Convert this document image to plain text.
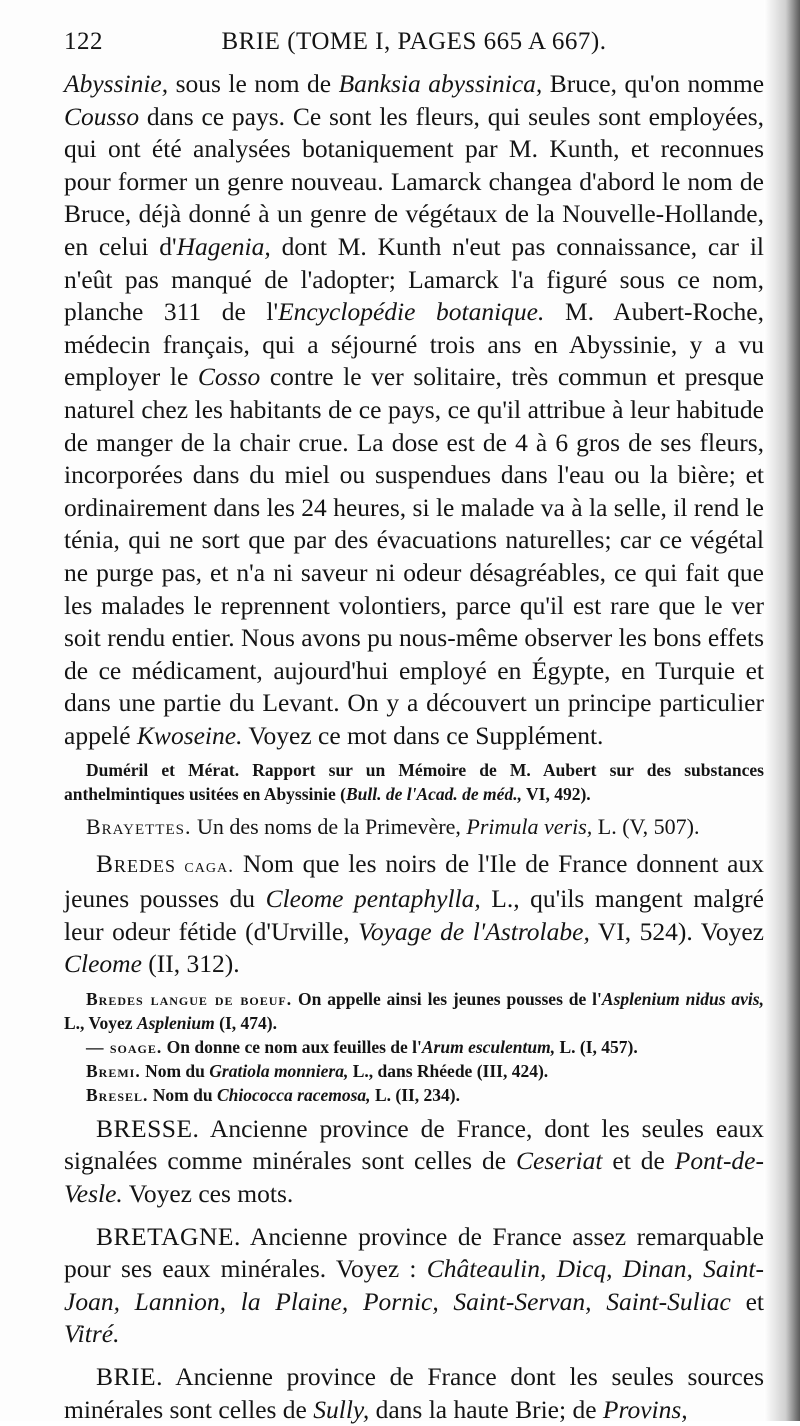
122	BRIE (TOME I, PAGES 665 A 667).

Abyssinie, sous le nom de Banksia abyssinica, Bruce, qu'on nomme Cousso dans ce pays. Ce sont les fleurs, qui seules sont employées, qui ont été analysées botaniquement par M. Kunth, et reconnues pour former un genre nouveau. Lamarck changea d'abord le nom de Bruce, déjà donné à un genre de végétaux de la Nouvelle-Hollande, en celui d'Hagenia, dont M. Kunth n'eut pas connaissance, car il n'eût pas manqué de l'adopter; Lamarck l'a figuré sous ce nom, planche 311 de l'Encyclopédie botanique. M. Aubert-Roche, médecin français, qui a séjourné trois ans en Abyssinie, y a vu employer le Cosso contre le ver solitaire, très commun et presque naturel chez les habitants de ce pays, ce qu'il attribue à leur habitude de manger de la chair crue. La dose est de 4 à 6 gros de ses fleurs, incorporées dans du miel ou suspendues dans l'eau ou la bière; et ordinairement dans les 24 heures, si le malade va à la selle, il rend le ténia, qui ne sort que par des évacuations naturelles; car ce végétal ne purge pas, et n'a ni saveur ni odeur désagréables, ce qui fait que les malades le reprennent volontiers, parce qu'il est rare que le ver soit rendu entier. Nous avons pu nous-même observer les bons effets de ce médicament, aujourd'hui employé en Égypte, en Turquie et dans une partie du Levant. On y a découvert un principe particulier appelé Kwoseine. Voyez ce mot dans ce Supplément.

Duméril et Mérat. Rapport sur un Mémoire de M. Aubert sur des substances anthelmintiques usitées en Abyssinie (Bull. de l'Acad. de méd., VI, 492).

Brayettes. Un des noms de la Primevère, Primula veris, L. (V, 507).

Bredes caga. Nom que les noirs de l'Ile de France donnent aux jeunes pousses du Cleome pentaphylla, L., qu'ils mangent malgré leur odeur fétide (d'Urville, Voyage de l'Astrolabe, VI, 524). Voyez Cleome (II, 312).

Bredes langue de boeuf. On appelle ainsi les jeunes pousses de l'Asplenium nidus avis, L., Voyez Asplenium (I, 474).

— soage. On donne ce nom aux feuilles de l'Arum esculentum, L. (I, 457).

Bremi. Nom du Gratiola monniera, L., dans Rhéede (III, 424).

Bresel. Nom du Chiococca racemosa, L. (II, 234).

BRESSE. Ancienne province de France, dont les seules eaux signalées comme minérales sont celles de Ceseriat et de Pont-de-Vesle. Voyez ces mots.

BRETAGNE. Ancienne province de France assez remarquable pour ses eaux minérales. Voyez : Châteaulin, Dicq, Dinan, Saint-Joan, Lannion, la Plaine, Pornic, Saint-Servan, Saint-Suliac et Vitré.

BRIE. Ancienne province de France dont les seules sources minérales sont celles de Sully, dans la haute Brie; de Provins,
